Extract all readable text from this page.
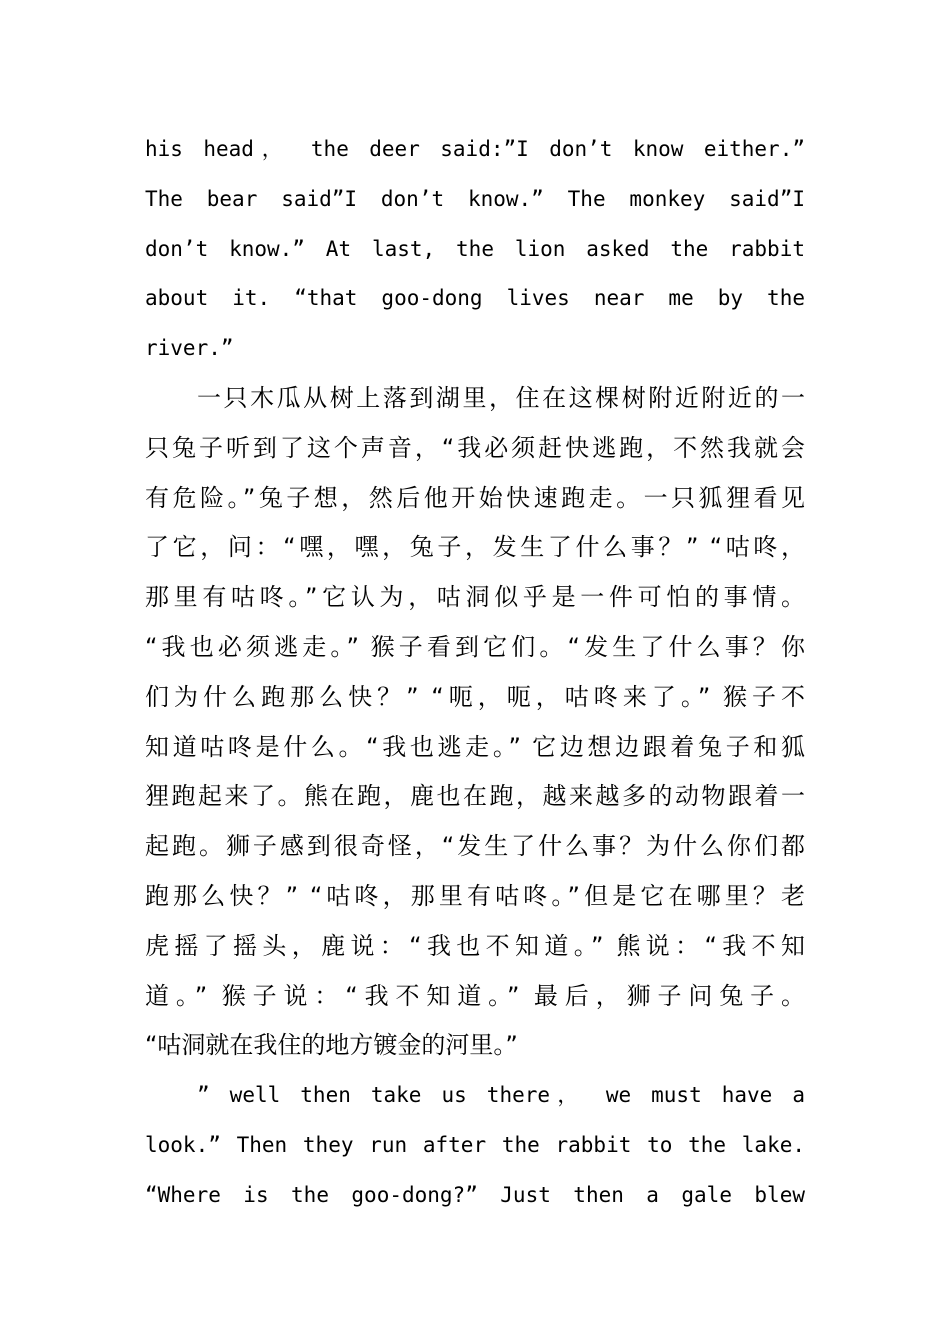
his head， the deer said:”I don’t know either.”
The bear said”I don’t know.” The monkey said”I
don’t know.” At last, the lion asked the rabbit
about it. “that goo-dong lives near me by the
river.”
一只木瓜从树上落到湖里，住在这棵树附近附近的一
只兔子听到了这个声音，“我必须赶快逃跑，不然我就会
有危险。”兔子想，然后他开始快速跑走。一只狐狸看见
了它，问：“嘿，嘿，兔子，发生了什么事？” “咕咚，
那里有咕咚。”它认为，咕洞似乎是一件可怕的事情。
“我也必须逃走。” 猴子看到它们。“发生了什么事？你
们为什么跑那么快？” “呃，呃，咕咚来了。” 猴子不
知道咕咚是什么。“我也逃走。” 它边想边跟着兔子和狐
狸跑起来了。熊在跑，鹿也在跑，越来越多的动物跟着一
起跑。狮子感到很奇怪，“发生了什么事？为什么你们都
跑那么快？” “咕咚，那里有咕咚。”但是它在哪里？老
虎摇了摇头，鹿说：“我也不知道。” 熊说：“我不知
道。” 猴子说：“我不知道。” 最后，狮子问兔子。
“咕洞就在我住的地方镀金的河里。”
” well then take us there， we must have a
look.” Then they run after the rabbit to the lake.
“Where is the goo-dong?” Just then a gale blew
